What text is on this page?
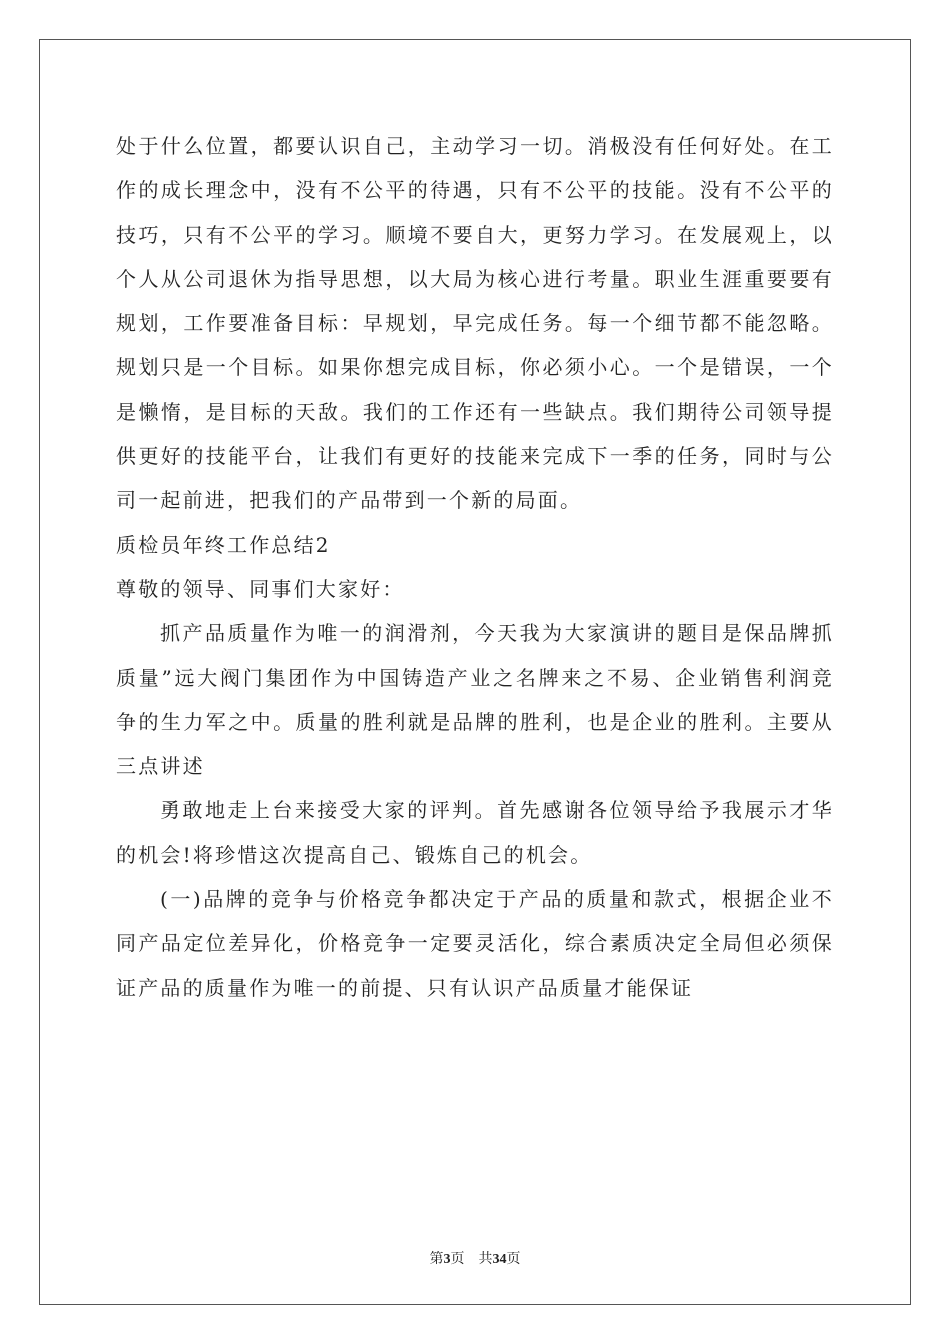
处于什么位置，都要认识自己，主动学习一切。消极没有任何好处。在工作的成长理念中，没有不公平的待遇，只有不公平的技能。没有不公平的技巧，只有不公平的学习。顺境不要自大，更努力学习。在发展观上，以个人从公司退休为指导思想，以大局为核心进行考量。职业生涯重要要有规划，工作要准备目标：早规划，早完成任务。每一个细节都不能忽略。规划只是一个目标。如果你想完成目标，你必须小心。一个是错误，一个是懒惰，是目标的天敌。我们的工作还有一些缺点。我们期待公司领导提供更好的技能平台，让我们有更好的技能来完成下一季的任务，同时与公司一起前进，把我们的产品带到一个新的局面。

质检员年终工作总结2

尊敬的领导、同事们大家好：

抓产品质量作为唯一的润滑剂，今天我为大家演讲的题目是保品牌抓质量”远大阀门集团作为中国铸造产业之名牌来之不易、企业销售利润竞争的生力军之中。质量的胜利就是品牌的胜利，也是企业的胜利。主要从三点讲述

勇敢地走上台来接受大家的评判。首先感谢各位领导给予我展示才华的机会!将珍惜这次提高自己、锻炼自己的机会。

(一)品牌的竞争与价格竞争都决定于产品的质量和款式，根据企业不同产品定位差异化，价格竞争一定要灵活化，综合素质决定全局但必须保证产品的质量作为唯一的前提、只有认识产品质量才能保证

第3页 共34页
